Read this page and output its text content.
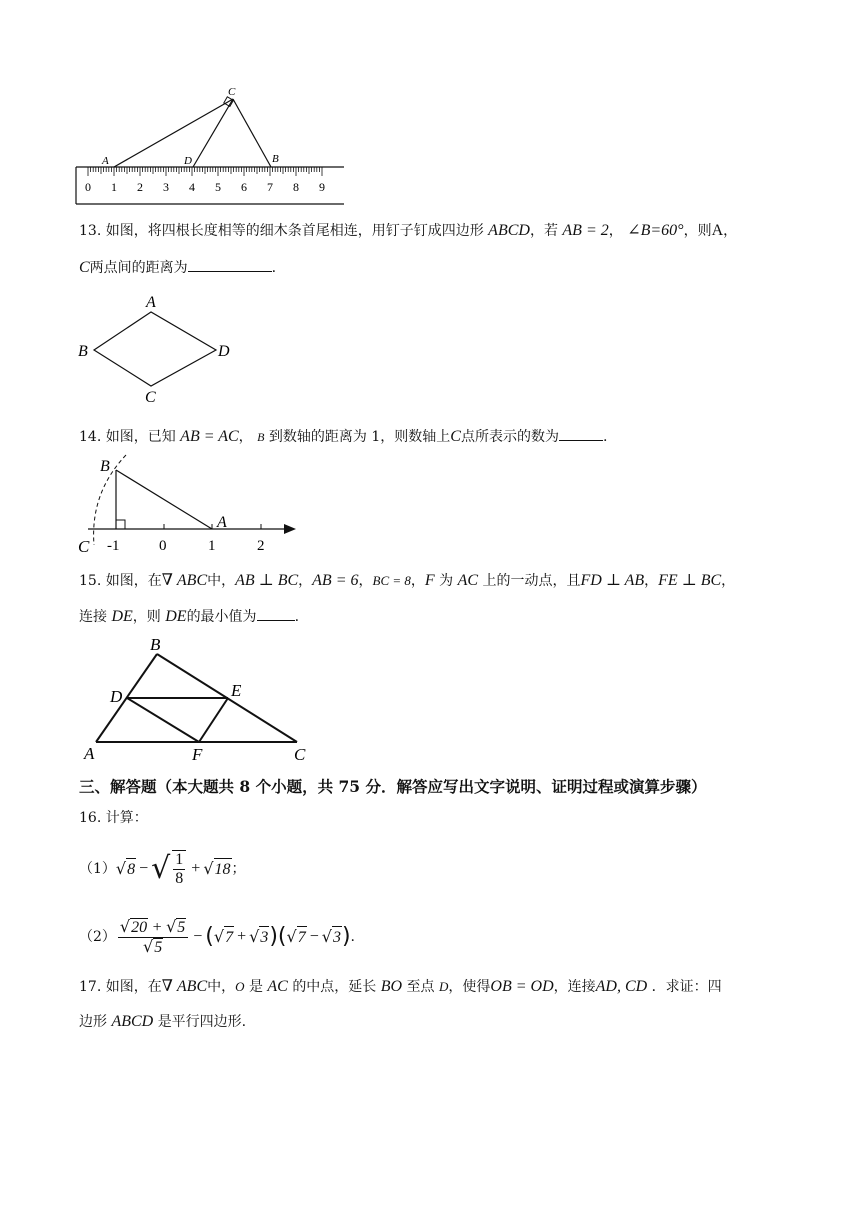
0 1 2 3 4 5 6 7 8 9
A	D
C
B
13. 如图，将四根长度相等的细木条首尾相连，用钉子钉成四边形 ABCD，若 AB = 2， ∠B=60°，则A，
C两点间的距离为	.
A
B
C
D
14. 如图，已知 AB = AC， B 到数轴的距离为 1，则数轴上C点所表示的数为	.
B
A
C -1	0	1	2
15. 如图，在∇ ABC中，AB ⊥ BC，AB = 6，BC = 8，F 为 AC 上的一动点，且FD ⊥ AB，FE ⊥ BC，
连接 DE，则 DE的最小值为	.
B
D	E
A	F	C
三、解答题（本大题共 8 个小题，共 75 分．解答应写出文字说明、证明过程或演算步骤）
16. 计算：
（1） √ 8 − √ $\frac{1}{8}$ + √ 18 ；
$(2) \frac{√20 + √5}{√5}$ − ( √ 7 + √ 3 ) ( √ 7 − √ 3 ) .
17. 如图，在∇ ABC中，O 是 AC 的中点，延长 BO 至点 D，使得OB = OD，连接AD, CD ．求证：四
边形 ABCD 是平行四边形.
